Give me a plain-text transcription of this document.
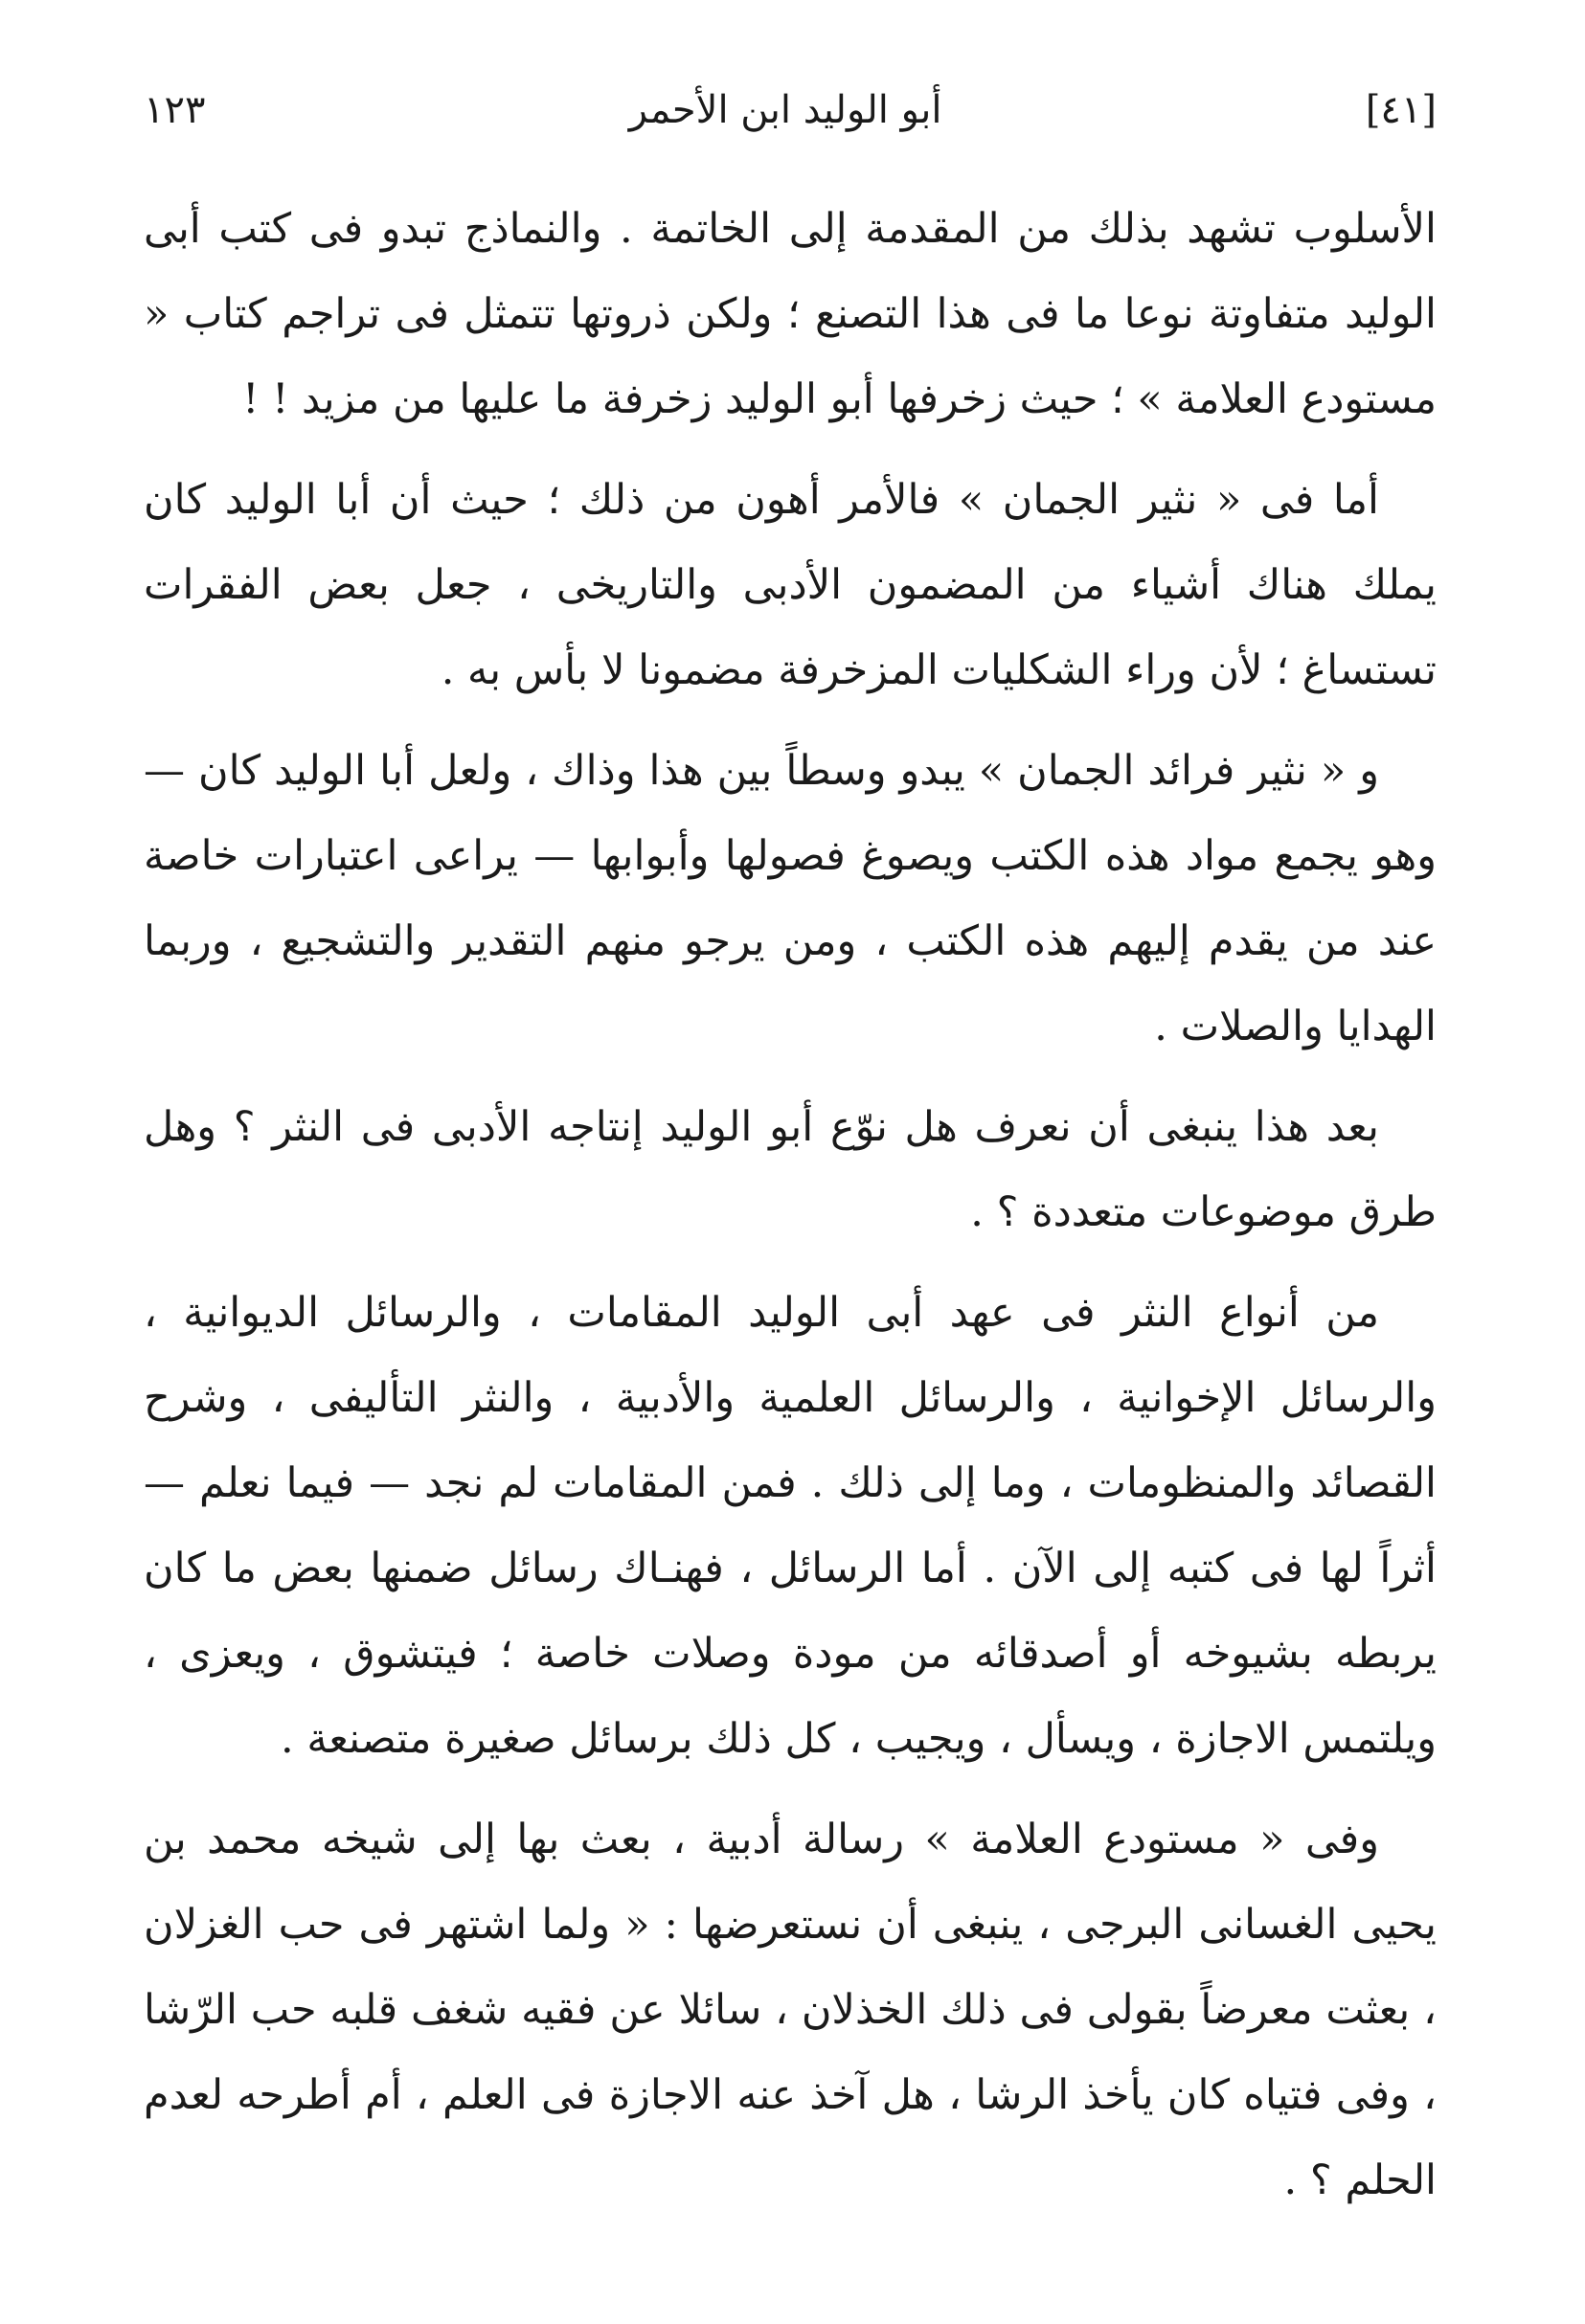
[٤١]
أبو الوليد ابن الأحمر
١٢٣

الأسلوب تشهد بذلك من المقدمة إلى الخاتمة . والنماذج تبدو فى كتب أبى الوليد متفاوتة نوعا ما فى هذا التصنع ؛ ولكن ذروتها تتمثل فى تراجم كتاب « مستودع العلامة » ؛ حيث زخرفها أبو الوليد زخرفة ما عليها من مزيد ! !

أما فى « نثير الجمان » فالأمر أهون من ذلك ؛ حيث أن أبا الوليد كان يملك هناك أشياء من المضمون الأدبى والتاريخى ، جعل بعض الفقرات تستساغ ؛ لأن وراء الشكليات المزخرفة مضمونا لا بأس به .

و « نثير فرائد الجمان » يبدو وسطاً بين هذا وذاك ، ولعل أبا الوليد كان — وهو يجمع مواد هذه الكتب ويصوغ فصولها وأبوابها — يراعى اعتبارات خاصة عند من يقدم إليهم هذه الكتب ، ومن يرجو منهم التقدير والتشجيع ، وربما الهدايا والصلات .

بعد هذا ينبغى أن نعرف هل نوّع أبو الوليد إنتاجه الأدبى فى النثر ؟ وهل طرق موضوعات متعددة ؟ .

من أنواع النثر فى عهد أبى الوليد المقامات ، والرسائل الديوانية ، والرسائل الإخوانية ، والرسائل العلمية والأدبية ، والنثر التأليفى ، وشرح القصائد والمنظومات ، وما إلى ذلك . فمن المقامات لم نجد — فيما نعلم — أثراً لها فى كتبه إلى الآن . أما الرسائل ، فهنـاك رسائل ضمنها بعض ما كان يربطه بشيوخه أو أصدقائه من مودة وصلات خاصة ؛ فيتشوق ، ويعزى ، ويلتمس الاجازة ، ويسأل ، ويجيب ، كل ذلك برسائل صغيرة متصنعة .

وفى « مستودع العلامة » رسالة أدبية ، بعث بها إلى شيخه محمد بن يحيى الغسانى البرجى ، ينبغى أن نستعرضها : « ولما اشتهر فى حب الغزلان ، بعثت معرضاً بقولى فى ذلك الخذلان ، سائلا عن فقيه شغف قلبه حب الرّشا ، وفى فتياه كان يأخذ الرشا ، هل آخذ عنه الاجازة فى العلم ، أم أطرحه لعدم الحلم ؟ .
